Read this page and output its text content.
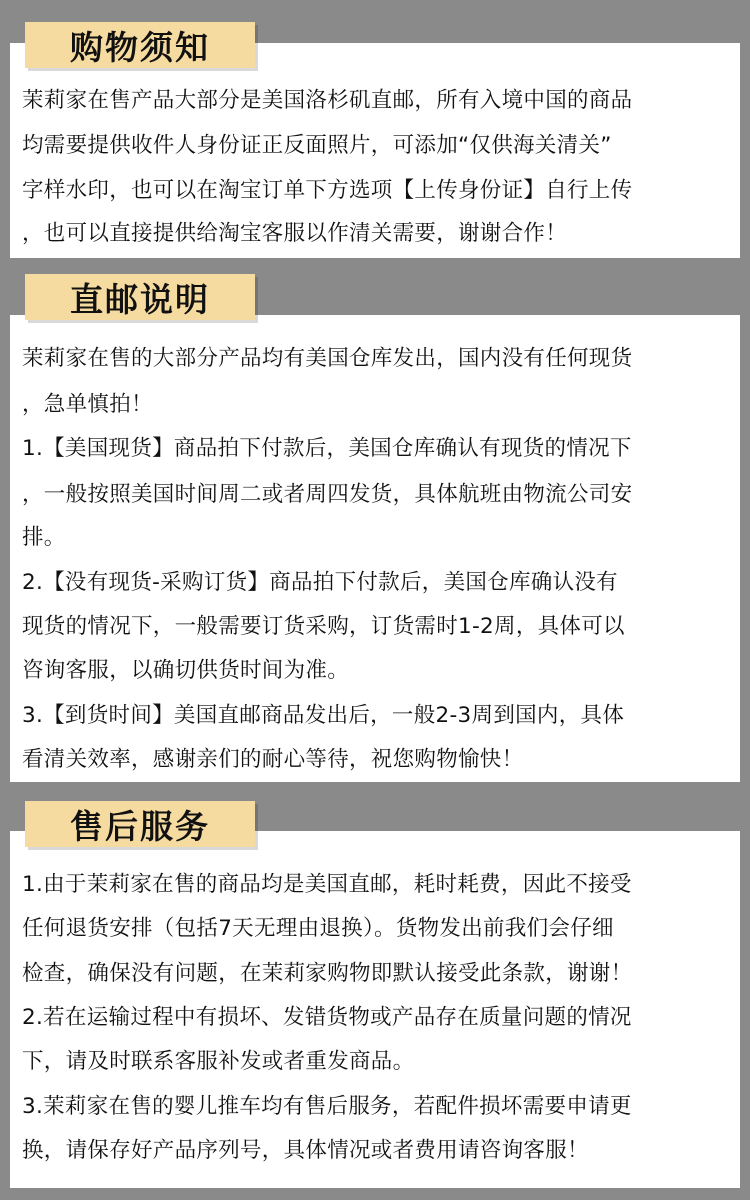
茉莉家在售产品大部分是美国洛杉矶直邮，所有入境中国的商品
均需要提供收件人身份证正反面照片，可添加“仅供海关清关”
字样水印，也可以在淘宝订单下方选项【上传身份证】自行上传
，也可以直接提供给淘宝客服以作清关需要，谢谢合作！
购物须知
茉莉家在售的大部分产品均有美国仓库发出，国内没有任何现货
，急单慎拍！
1.【美国现货】商品拍下付款后，美国仓库确认有现货的情况下
，一般按照美国时间周二或者周四发货，具体航班由物流公司安
排。
2.【没有现货-采购订货】商品拍下付款后，美国仓库确认没有
现货的情况下，一般需要订货采购，订货需时1-2周，具体可以
咨询客服，以确切供货时间为准。
3.【到货时间】美国直邮商品发出后，一般2-3周到国内，具体
看清关效率，感谢亲们的耐心等待，祝您购物愉快！
直邮说明
1.由于茉莉家在售的商品均是美国直邮，耗时耗费，因此不接受
任何退货安排（包括7天无理由退换）。货物发出前我们会仔细
检查，确保没有问题，在茉莉家购物即默认接受此条款，谢谢！
2.若在运输过程中有损坏、发错货物或产品存在质量问题的情况
下，请及时联系客服补发或者重发商品。
3.茉莉家在售的婴儿推车均有售后服务，若配件损坏需要申请更
换，请保存好产品序列号，具体情况或者费用请咨询客服！
售后服务
